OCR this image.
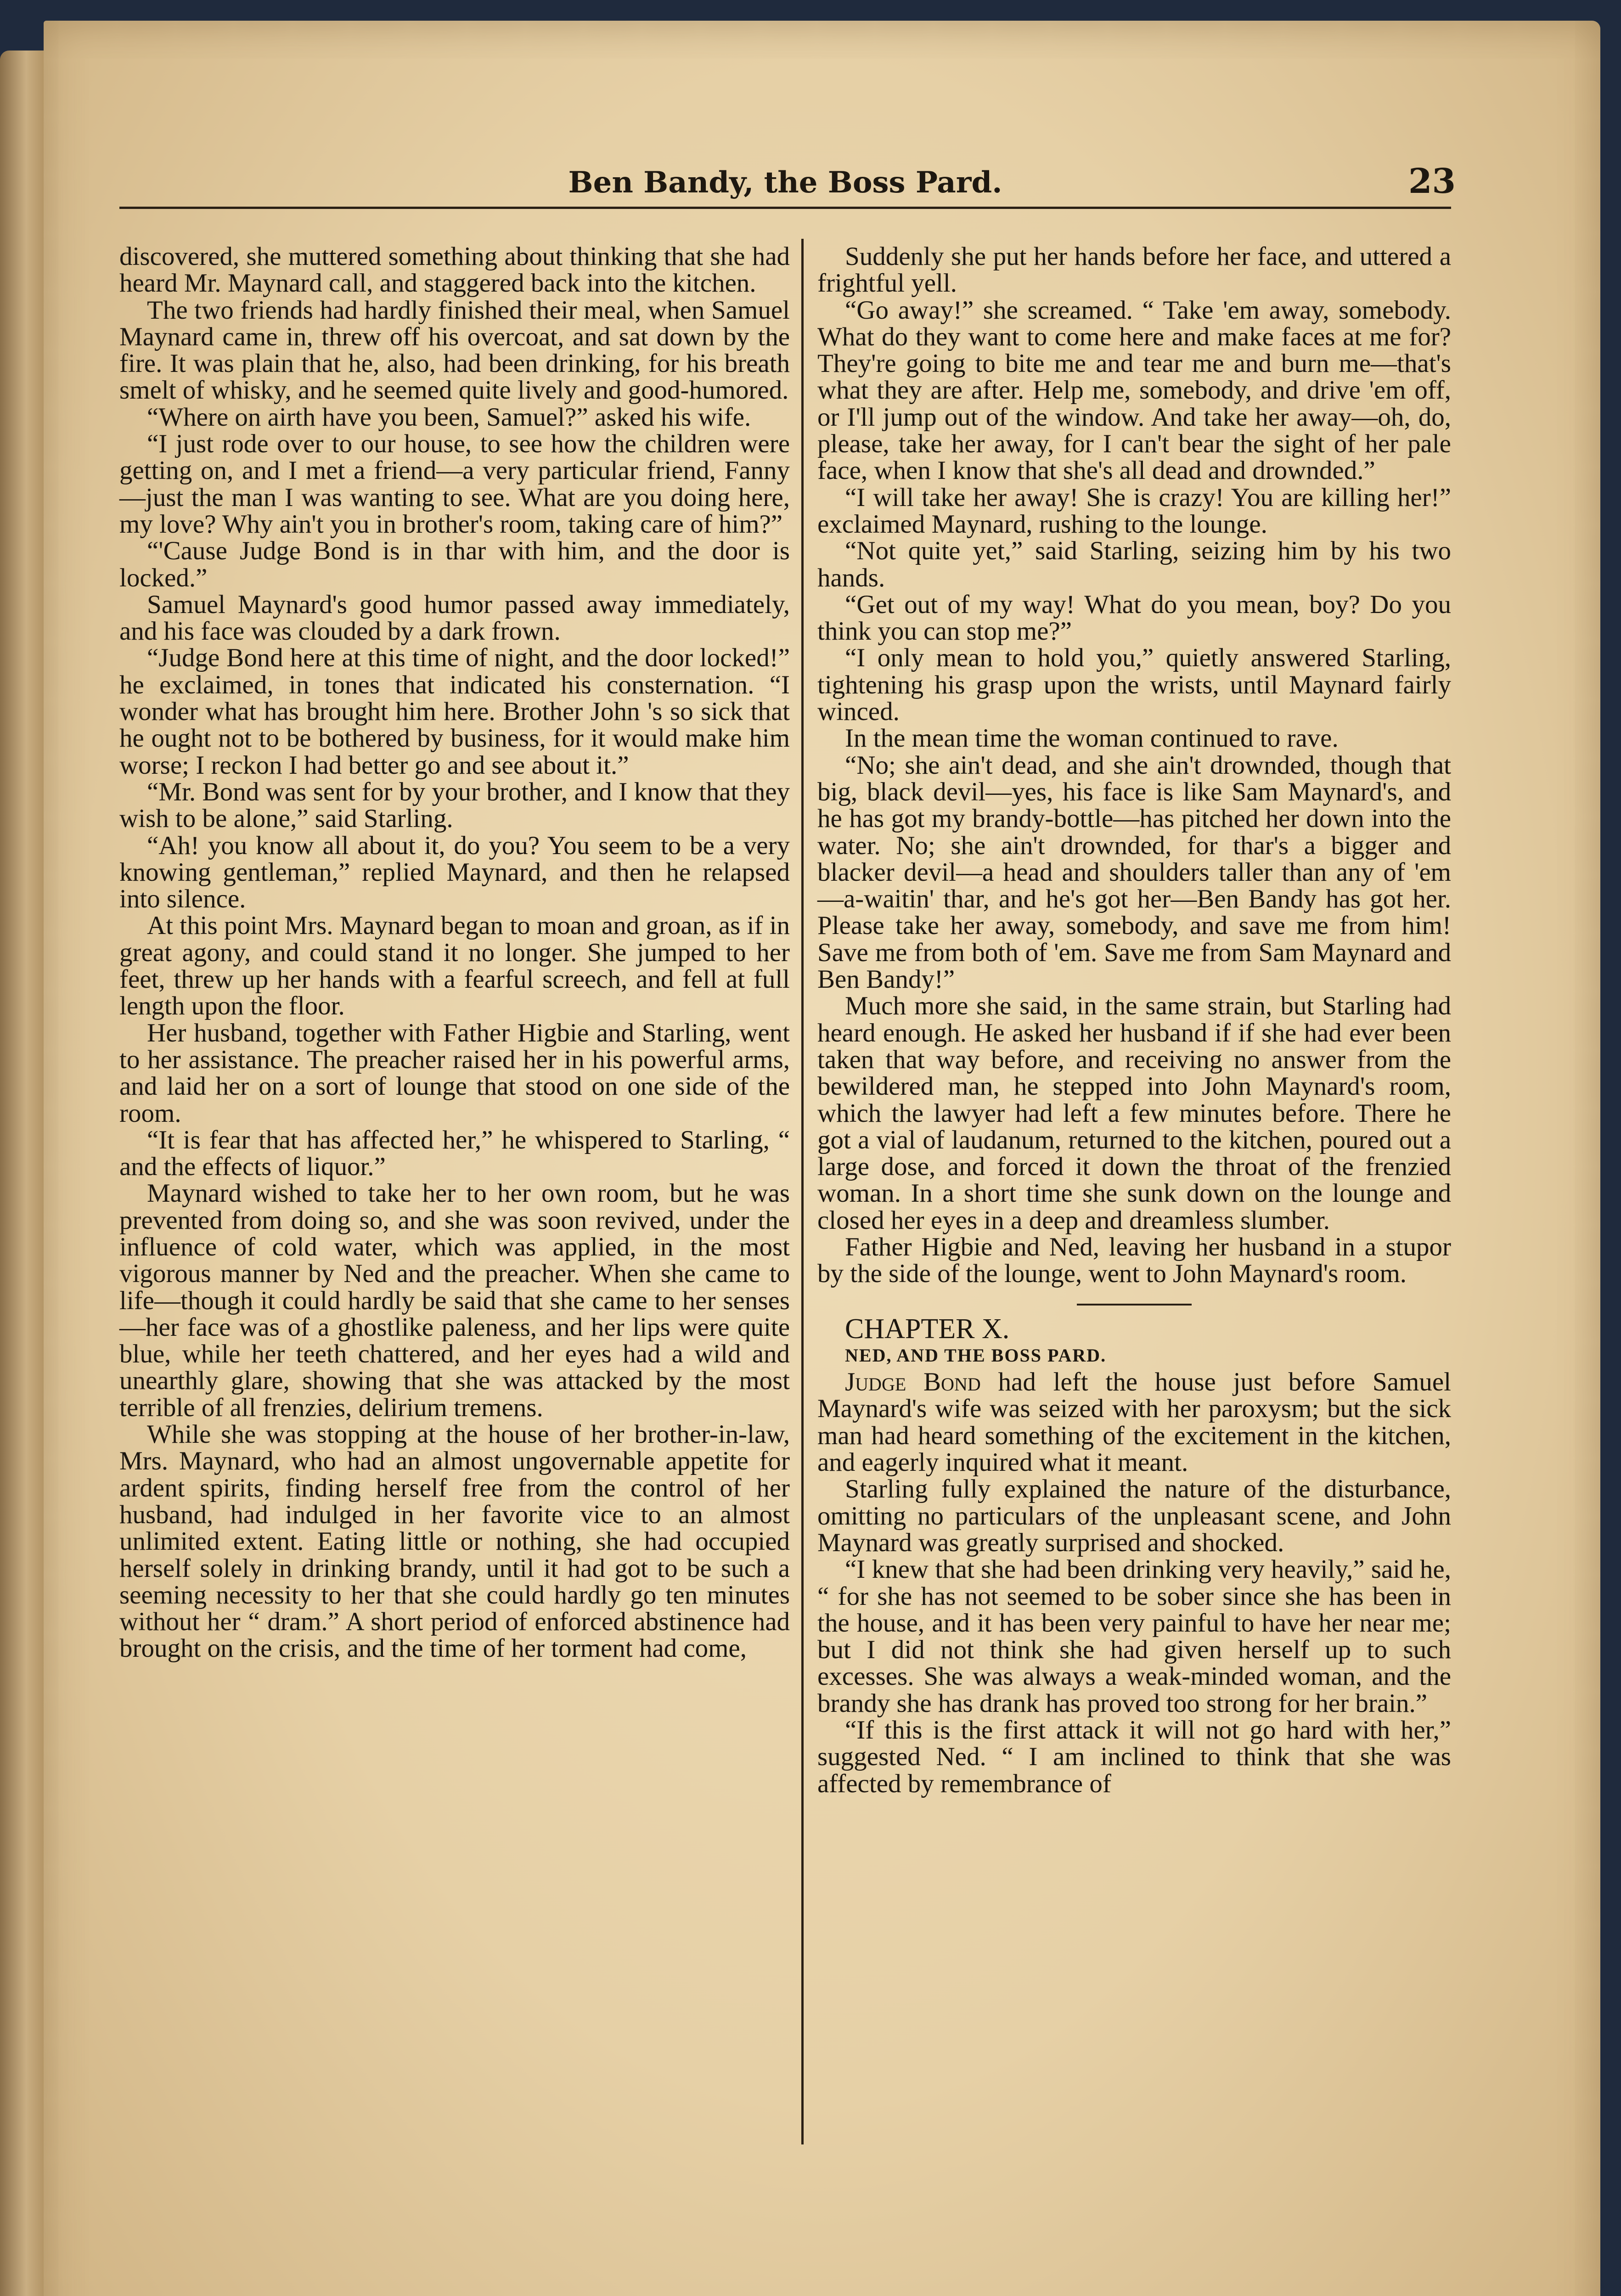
Ben Bandy, the Boss Pard.	23

discovered, she muttered something about thinking that she had heard Mr. Maynard call, and staggered back into the kitchen.

The two friends had hardly finished their meal, when Samuel Maynard came in, threw off his overcoat, and sat down by the fire. It was plain that he, also, had been drinking, for his breath smelt of whisky, and he seemed quite lively and good-humored.

“Where on airth have you been, Samuel?” asked his wife.

“I just rode over to our house, to see how the children were getting on, and I met a friend—a very particular friend, Fanny—just the man I was wanting to see. What are you doing here, my love? Why ain't you in brother's room, taking care of him?”

“'Cause Judge Bond is in thar with him, and the door is locked.”

Samuel Maynard's good humor passed away immediately, and his face was clouded by a dark frown.

“Judge Bond here at this time of night, and the door locked!” he exclaimed, in tones that indicated his consternation. “I wonder what has brought him here. Brother John 's so sick that he ought not to be bothered by business, for it would make him worse; I reckon I had better go and see about it.”

“Mr. Bond was sent for by your brother, and I know that they wish to be alone,” said Starling.

“Ah! you know all about it, do you? You seem to be a very knowing gentleman,” replied Maynard, and then he relapsed into silence.

At this point Mrs. Maynard began to moan and groan, as if in great agony, and could stand it no longer. She jumped to her feet, threw up her hands with a fearful screech, and fell at full length upon the floor.

Her husband, together with Father Higbie and Starling, went to her assistance. The preacher raised her in his powerful arms, and laid her on a sort of lounge that stood on one side of the room.

“It is fear that has affected her,” he whispered to Starling, “ and the effects of liquor.”

Maynard wished to take her to her own room, but he was prevented from doing so, and she was soon revived, under the influence of cold water, which was applied, in the most vigorous manner by Ned and the preacher. When she came to life—though it could hardly be said that she came to her senses—her face was of a ghostlike paleness, and her lips were quite blue, while her teeth chattered, and her eyes had a wild and unearthly glare, showing that she was attacked by the most terrible of all frenzies, delirium tremens.

While she was stopping at the house of her brother-in-law, Mrs. Maynard, who had an almost ungovernable appetite for ardent spirits, finding herself free from the control of her husband, had indulged in her favorite vice to an almost unlimited extent. Eating little or nothing, she had occupied herself solely in drinking brandy, until it had got to be such a seeming necessity to her that she could hardly go ten minutes without her “ dram.” A short period of enforced abstinence had brought on the crisis, and the time of her torment had come,

Suddenly she put her hands before her face, and uttered a frightful yell.

“Go away!” she screamed. “ Take 'em away, somebody. What do they want to come here and make faces at me for? They're going to bite me and tear me and burn me—that's what they are after. Help me, somebody, and drive 'em off, or I'll jump out of the window. And take her away—oh, do, please, take her away, for I can't bear the sight of her pale face, when I know that she's all dead and drownded.”

“I will take her away! She is crazy! You are killing her!” exclaimed Maynard, rushing to the lounge.

“Not quite yet,” said Starling, seizing him by his two hands.

“Get out of my way! What do you mean, boy? Do you think you can stop me?”

“I only mean to hold you,” quietly answered Starling, tightening his grasp upon the wrists, until Maynard fairly winced.

In the mean time the woman continued to rave.

“No; she ain't dead, and she ain't drownded, though that big, black devil—yes, his face is like Sam Maynard's, and he has got my brandy-bottle—has pitched her down into the water. No; she ain't drownded, for thar's a bigger and blacker devil—a head and shoulders taller than any of 'em—a-waitin' thar, and he's got her—Ben Bandy has got her. Please take her away, somebody, and save me from him! Save me from both of 'em. Save me from Sam Maynard and Ben Bandy!”

Much more she said, in the same strain, but Starling had heard enough. He asked her husband if if she had ever been taken that way before, and receiving no answer from the bewildered man, he stepped into John Maynard's room, which the lawyer had left a few minutes before. There he got a vial of laudanum, returned to the kitchen, poured out a large dose, and forced it down the throat of the frenzied woman. In a short time she sunk down on the lounge and closed her eyes in a deep and dreamless slumber.

Father Higbie and Ned, leaving her husband in a stupor by the side of the lounge, went to John Maynard's room.

CHAPTER X.

NED, AND THE BOSS PARD.

Judge Bond had left the house just before Samuel Maynard's wife was seized with her paroxysm; but the sick man had heard something of the excitement in the kitchen, and eagerly inquired what it meant.

Starling fully explained the nature of the disturbance, omitting no particulars of the unpleasant scene, and John Maynard was greatly surprised and shocked.

“I knew that she had been drinking very heavily,” said he, “ for she has not seemed to be sober since she has been in the house, and it has been very painful to have her near me; but I did not think she had given herself up to such excesses. She was always a weak-minded woman, and the brandy she has drank has proved too strong for her brain.”

“If this is the first attack it will not go hard with her,” suggested Ned. “ I am inclined to think that she was affected by remembrance of
